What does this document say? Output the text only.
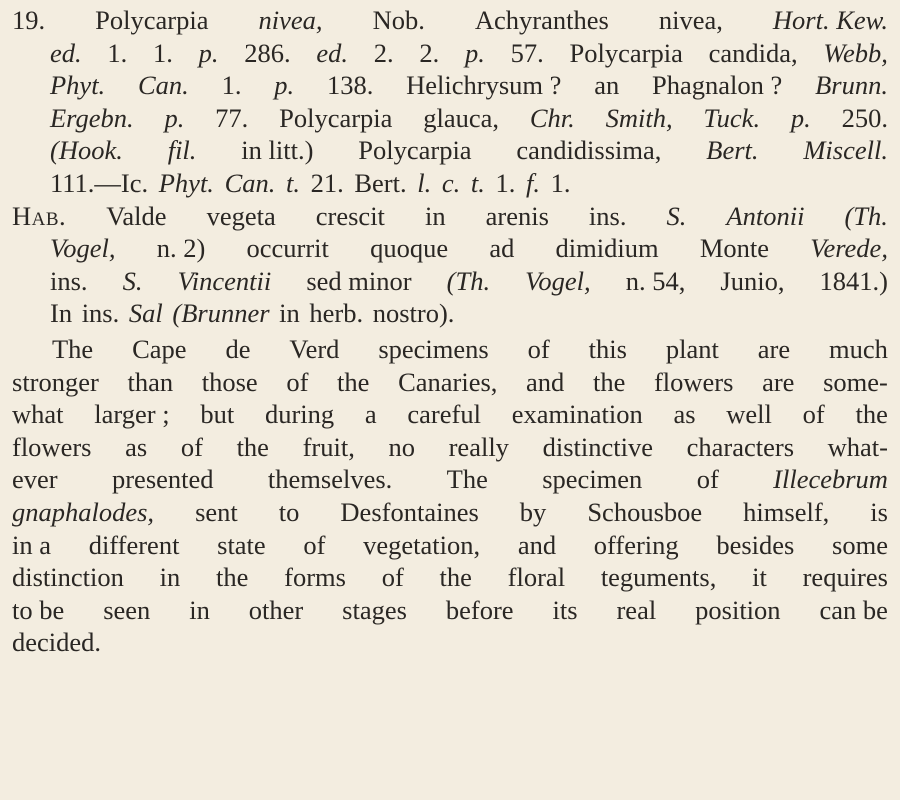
19. Polycarpia nivea, Nob. Achyranthes nivea, Hort. Kew.
ed. 1. 1. p. 286. ed. 2. 2. p. 57. Polycarpia candida, Webb,
Phyt. Can. 1. p. 138. Helichrysum ? an Phagnalon ? Brunn.
Ergebn. p. 77. Polycarpia glauca, Chr. Smith, Tuck. p. 250.
(Hook. fil. in litt.) Polycarpia candidissima, Bert. Miscell.
111.—Ic. Phyt. Can. t. 21. Bert. l. c. t. 1. f. 1.
Hab. Valde vegeta crescit in arenis ins. S. Antonii (Th.
Vogel, n. 2) occurrit quoque ad dimidium Monte Verede,
ins. S. Vincentii sed minor (Th. Vogel, n. 54, Junio, 1841.)
In ins. Sal (Brunner in herb. nostro).
The Cape de Verd specimens of this plant are much
stronger than those of the Canaries, and the flowers are some-
what larger ; but during a careful examination as well of the
flowers as of the fruit, no really distinctive characters what-
ever presented themselves. The specimen of Illecebrum
gnaphalodes, sent to Desfontaines by Schousboe himself, is
in a different state of vegetation, and offering besides some
distinction in the forms of the floral teguments, it requires
to be seen in other stages before its real position can be
decided.
